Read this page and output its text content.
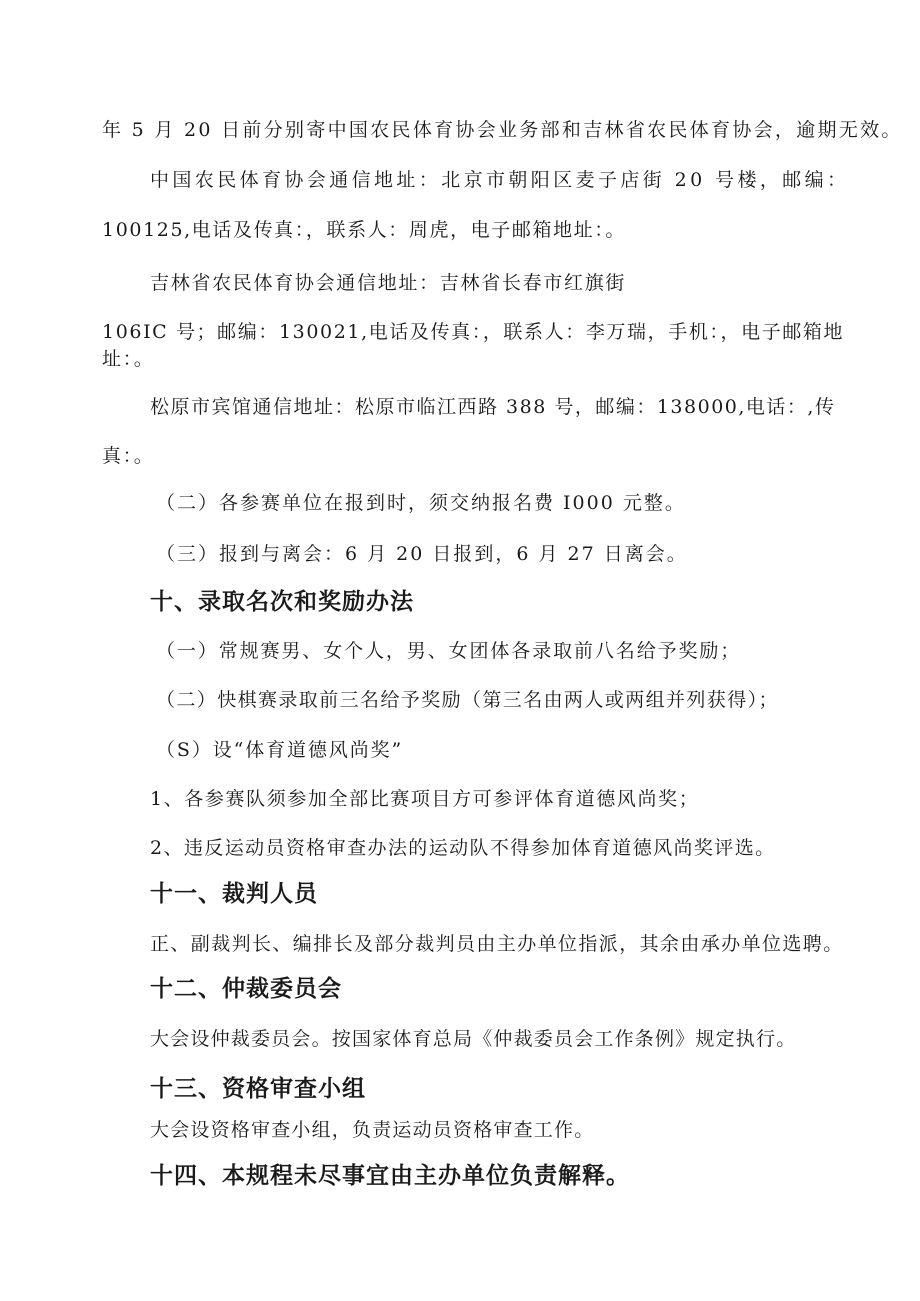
年 5 月 20 日前分别寄中国农民体育协会业务部和吉林省农民体育协会，逾期无效。
中国农民体育协会通信地址：北京市朝阳区麦子店街 20 号楼，邮编：
100125,电话及传真：，联系人：周虎，电子邮箱地址：。
吉林省农民体育协会通信地址：吉林省长春市红旗街
106IC 号；邮编：130021,电话及传真：，联系人：李万瑞，手机：，电子邮箱地
址：。
松原市宾馆通信地址：松原市临江西路 388 号，邮编：138000,电话：,传
真：。
（二）各参赛单位在报到时，须交纳报名费 I000 元整。
（三）报到与离会：6 月 20 日报到，6 月 27 日离会。
十、录取名次和奖励办法
（一）常规赛男、女个人，男、女团体各录取前八名给予奖励；
（二）快棋赛录取前三名给予奖励（第三名由两人或两组并列获得）；
（S）设“体育道德风尚奖”
1、各参赛队须参加全部比赛项目方可参评体育道德风尚奖；
2、违反运动员资格审查办法的运动队不得参加体育道德风尚奖评选。
十一、裁判人员
正、副裁判长、编排长及部分裁判员由主办单位指派，其余由承办单位选聘。
十二、仲裁委员会
大会设仲裁委员会。按国家体育总局《仲裁委员会工作条例》规定执行。
十三、资格审查小组
大会设资格审查小组，负责运动员资格审查工作。
十四、本规程未尽事宜由主办单位负责解释。
